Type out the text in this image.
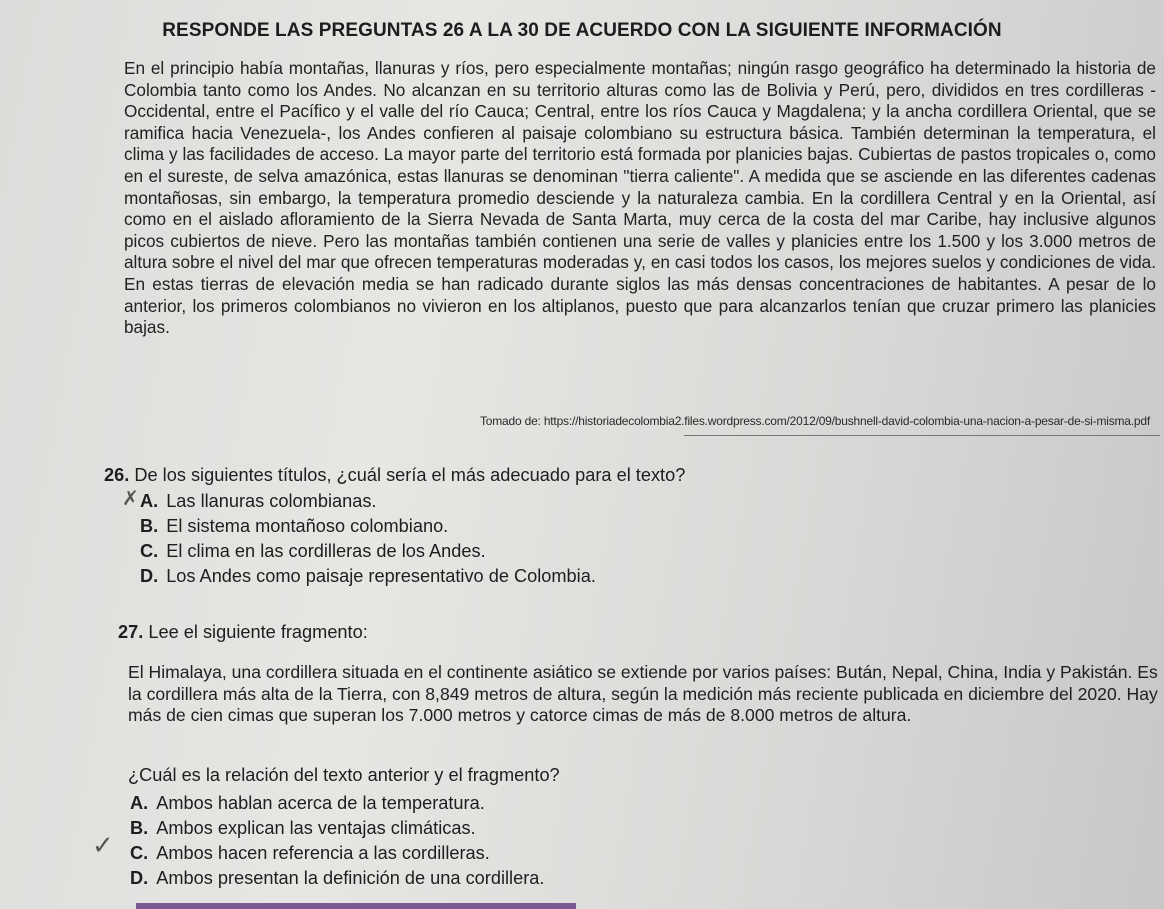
RESPONDE LAS PREGUNTAS 26 A LA 30 DE ACUERDO CON LA SIGUIENTE INFORMACIÓN
En el principio había montañas, llanuras y ríos, pero especialmente montañas; ningún rasgo geográfico ha determinado la historia de Colombia tanto como los Andes. No alcanzan en su territorio alturas como las de Bolivia y Perú, pero, divididos en tres cordilleras -Occidental, entre el Pacífico y el valle del río Cauca; Central, entre los ríos Cauca y Magdalena; y la ancha cordillera Oriental, que se ramifica hacia Venezuela-, los Andes confieren al paisaje colombiano su estructura básica. También determinan la temperatura, el clima y las facilidades de acceso. La mayor parte del territorio está formada por planicies bajas. Cubiertas de pastos tropicales o, como en el sureste, de selva amazónica, estas llanuras se denominan "tierra caliente". A medida que se asciende en las diferentes cadenas montañosas, sin embargo, la temperatura promedio desciende y la naturaleza cambia. En la cordillera Central y en la Oriental, así como en el aislado afloramiento de la Sierra Nevada de Santa Marta, muy cerca de la costa del mar Caribe, hay inclusive algunos picos cubiertos de nieve. Pero las montañas también contienen una serie de valles y planicies entre los 1.500 y los 3.000 metros de altura sobre el nivel del mar que ofrecen temperaturas moderadas y, en casi todos los casos, los mejores suelos y condiciones de vida. En estas tierras de elevación media se han radicado durante siglos las más densas concentraciones de habitantes. A pesar de lo anterior, los primeros colombianos no vivieron en los altiplanos, puesto que para alcanzarlos tenían que cruzar primero las planicies bajas.
Tomado de: https://historiadecolombia2.files.wordpress.com/2012/09/bushnell-david-colombia-una-nacion-a-pesar-de-si-misma.pdf
26. De los siguientes títulos, ¿cuál sería el más adecuado para el texto?
✗ A. Las llanuras colombianas.
B. El sistema montañoso colombiano.
C. El clima en las cordilleras de los Andes.
D. Los Andes como paisaje representativo de Colombia.
27. Lee el siguiente fragmento:
El Himalaya, una cordillera situada en el continente asiático se extiende por varios países: Bután, Nepal, China, India y Pakistán. Es la cordillera más alta de la Tierra, con 8,849 metros de altura, según la medición más reciente publicada en diciembre del 2020. Hay más de cien cimas que superan los 7.000 metros y catorce cimas de más de 8.000 metros de altura.
¿Cuál es la relación del texto anterior y el fragmento?
A. Ambos hablan acerca de la temperatura.
B. Ambos explican las ventajas climáticas.
✓ C. Ambos hacen referencia a las cordilleras.
D. Ambos presentan la definición de una cordillera.
